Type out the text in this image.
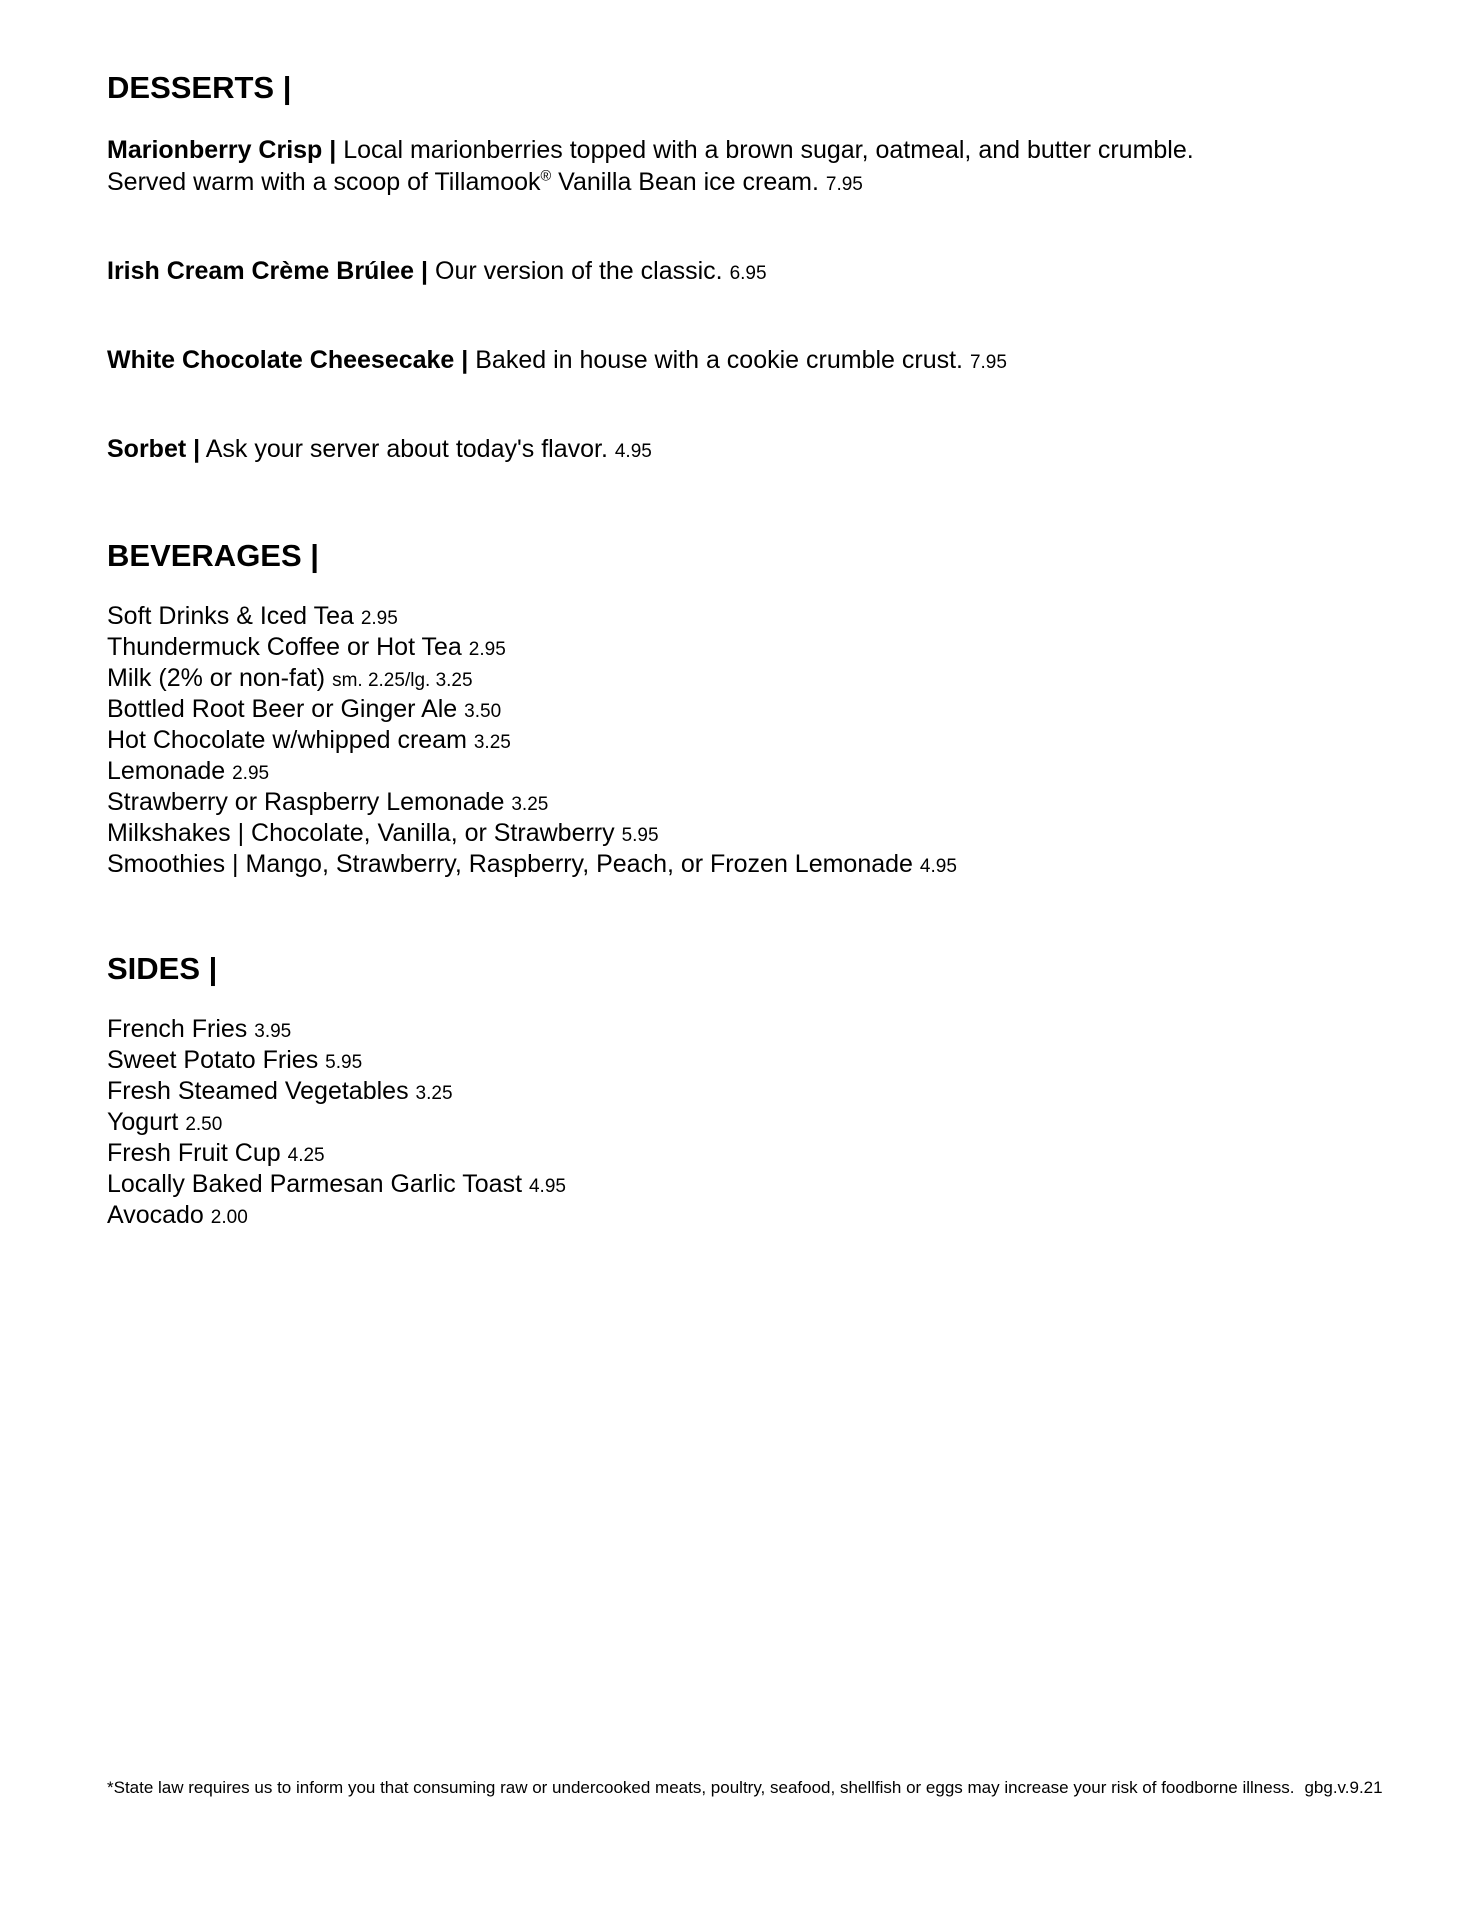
DESSERTS |

Marionberry Crisp | Local marionberries topped with a brown sugar, oatmeal, and butter crumble.
Served warm with a scoop of Tillamook® Vanilla Bean ice cream. 7.95

Irish Cream Crème Brúlee | Our version of the classic. 6.95

White Chocolate Cheesecake | Baked in house with a cookie crumble crust. 7.95

Sorbet | Ask your server about today's flavor. 4.95

BEVERAGES |
Soft Drinks & Iced Tea 2.95
Thundermuck Coffee or Hot Tea 2.95
Milk (2% or non-fat) sm. 2.25/lg. 3.25
Bottled Root Beer or Ginger Ale 3.50
Hot Chocolate w/whipped cream 3.25
Lemonade 2.95
Strawberry or Raspberry Lemonade 3.25
Milkshakes | Chocolate, Vanilla, or Strawberry 5.95
Smoothies | Mango, Strawberry, Raspberry, Peach, or Frozen Lemonade 4.95
SIDES |
French Fries 3.95
Sweet Potato Fries 5.95
Fresh Steamed Vegetables 3.25
Yogurt 2.50
Fresh Fruit Cup 4.25
Locally Baked Parmesan Garlic Toast 4.95
Avocado 2.00
*State law requires us to inform you that consuming raw or undercooked meats, poultry, seafood, shellfish or eggs may increase your risk of foodborne illness. gbg.v.9.21
